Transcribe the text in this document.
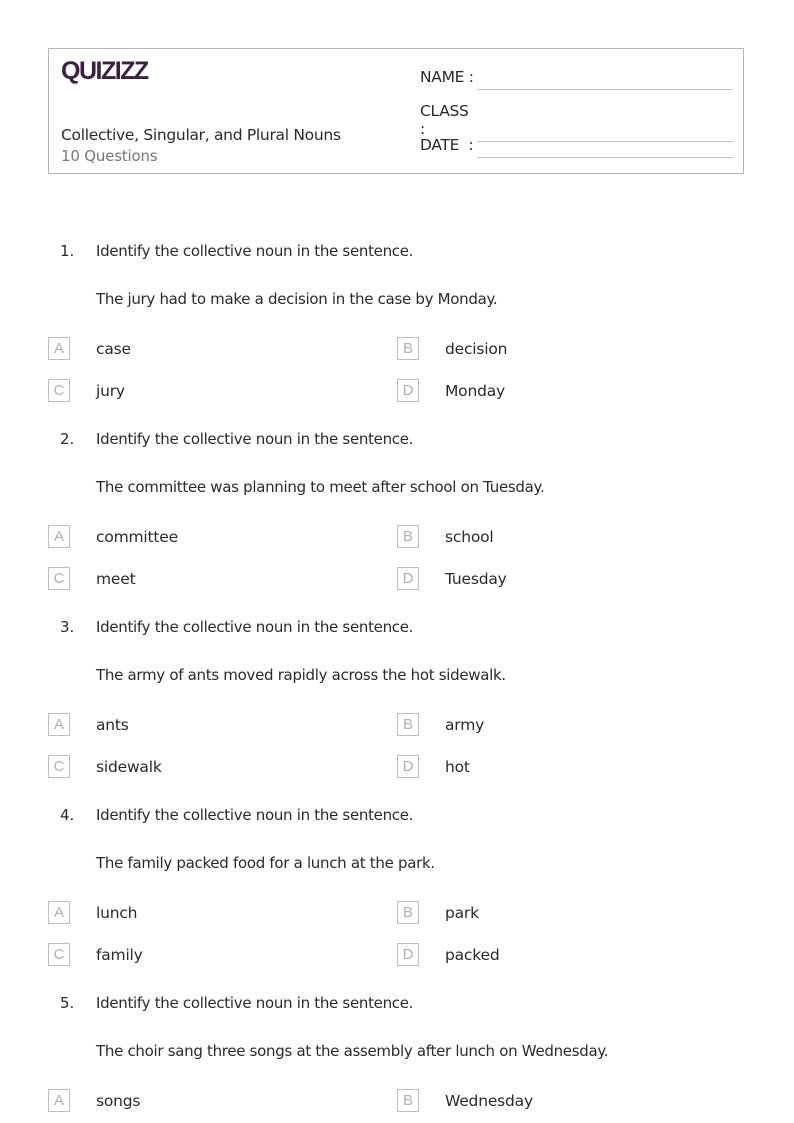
QUIZIZZ
Collective, Singular, and Plural Nouns
10 Questions
NAME :
CLASS :
DATE  :
1. Identify the collective noun in the sentence.
The jury had to make a decision in the case by Monday.
A	case	B	decision
C	jury	D	Monday
2. Identify the collective noun in the sentence.
The committee was planning to meet after school on Tuesday.
A	committee	B	school
C	meet	D	Tuesday
3. Identify the collective noun in the sentence.
The army of ants moved rapidly across the hot sidewalk.
A	ants	B	army
C	sidewalk	D	hot
4. Identify the collective noun in the sentence.
The family packed food for a lunch at the park.
A	lunch	B	park
C	family	D	packed
5. Identify the collective noun in the sentence.
The choir sang three songs at the assembly after lunch on Wednesday.
A	songs	B	Wednesday
